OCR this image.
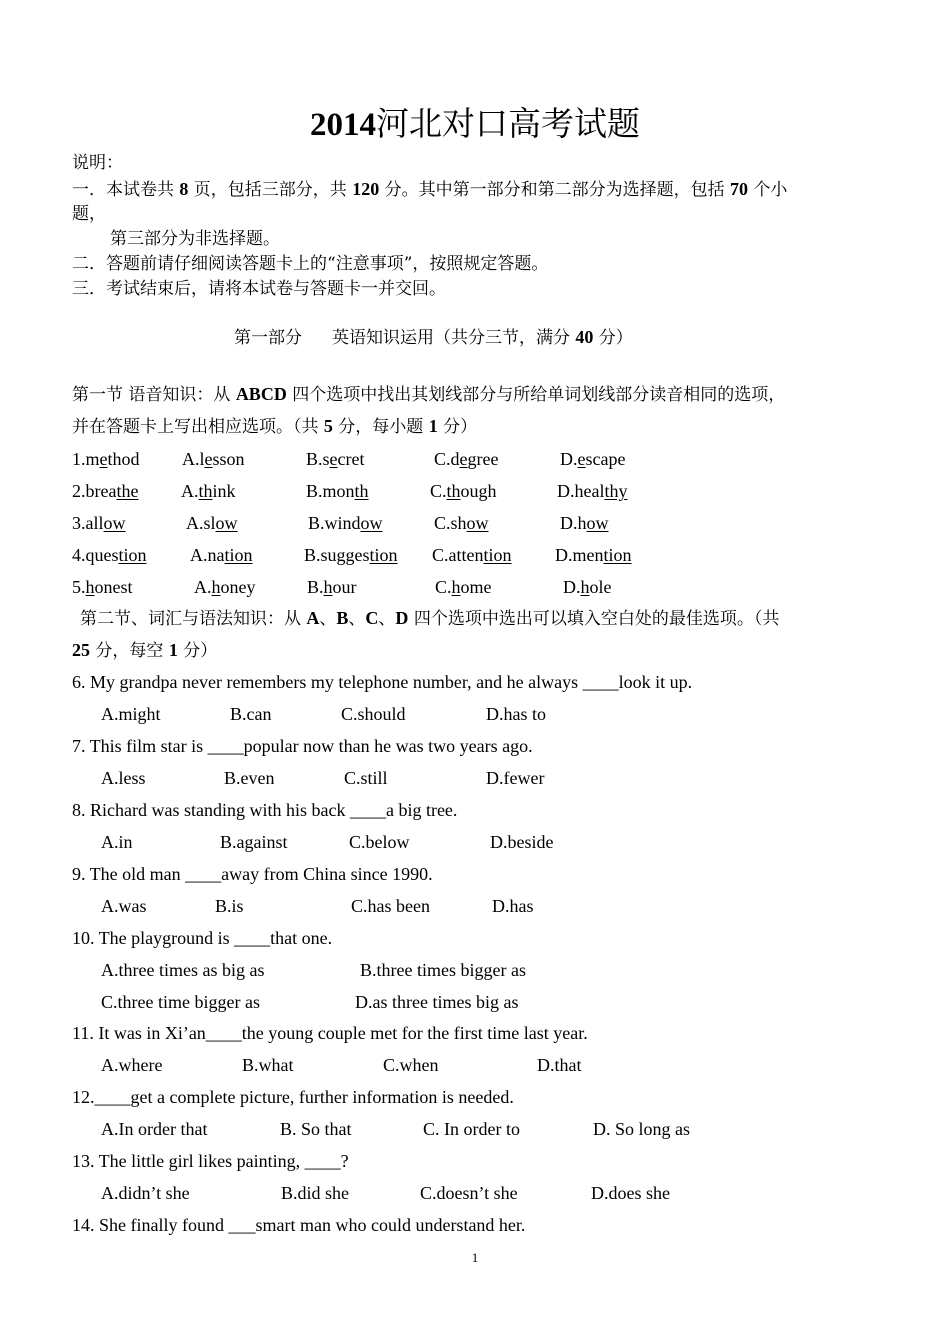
2014河北对口高考试题
说明：
一．本试卷共 8 页，包括三部分，共 120 分。其中第一部分和第二部分为选择题，包括 70 个小
题，
第三部分为非选择题。
二．答题前请仔细阅读答题卡上的“注意事项”，按照规定答题。
三．考试结束后，请将本试卷与答题卡一并交回。
第一部分 英语知识运用（共分三节，满分 40 分）
第一节 语音知识：从 ABCD 四个选项中找出其划线部分与所给单词划线部分读音相同的选项，
并在答题卡上写出相应选项。（共 5 分，每小题 1 分）
1.method A.lesson	B.secret	C.degree	D.escape
2.breathe A.think	B.month	C.though	D.healthy
3.allow	A.slow	B.window	C.show	D.how
4.question A.nation	B.suggestion C.attention D.mention
5.honest	A.honey	B.hour	C.home	D.hole
第二节、词汇与语法知识：从 A、B、C、D 四个选项中选出可以填入空白处的最佳选项。（共
25 分，每空 1 分）
6. My grandpa never remembers my telephone number, and he always ____look it up.
A.might	B.can	C.should	D.has to
7. This film star is ____popular now than he was two years ago.
A.less	B.even	C.still	D.fewer
8. Richard was standing with his back ____a big tree.
A.in	B.against	C.below	D.beside
9. The old man ____away from China since 1990.
A.was	B.is	C.has been	D.has
10. The playground is ____that one.
A.three times as big as	B.three times bigger as
C.three time bigger as	D.as three times big as
11. It was in Xi’an____the young couple met for the first time last year.
A.where	B.what	C.when	D.that
12.____get a complete picture, further information is needed.
A.In order that	B. So that	C. In order to	D. So long as
13. The little girl likes painting, ____?
A.didn’t she	B.did she	C.doesn’t she	D.does she
14. She finally found ___smart man who could understand her.
1
